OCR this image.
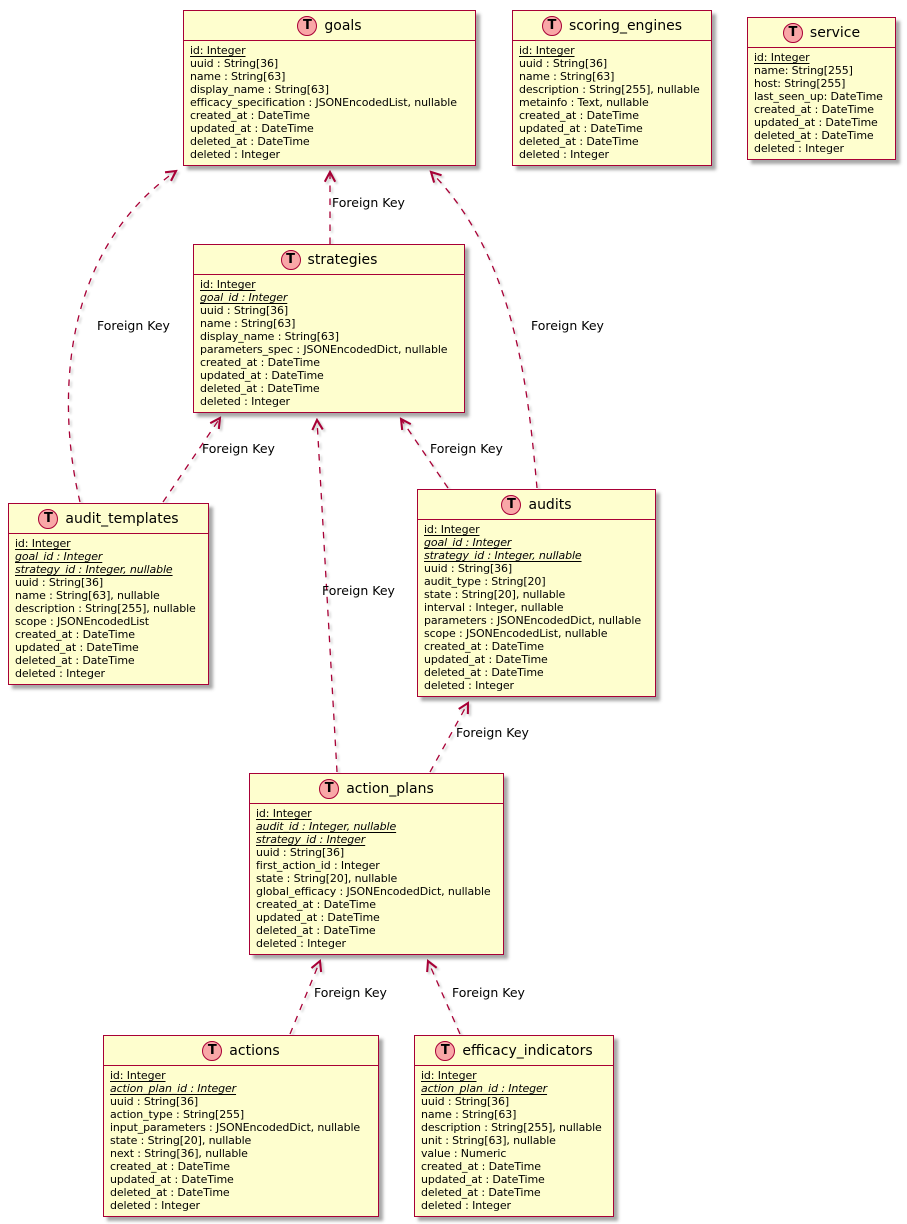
T goals
id: Integer
uuid : String[36]
name : String[63]
display_name : String[63]
efficacy_specification : JSONEncodedList, nullable
created_at : DateTime
updated_at : DateTime
deleted_at : DateTime
deleted : Integer
T scoring_engines
id: Integer
uuid : String[36]
name : String[63]
description : String[255], nullable
metainfo : Text, nullable
created_at : DateTime
updated_at : DateTime
deleted_at : DateTime
deleted : Integer
T service
id: Integer
name: String[255]
host: String[255]
last_seen_up: DateTime
created_at : DateTime
updated_at : DateTime
deleted_at : DateTime
deleted : Integer
T strategies
id: Integer
goal_id : Integer
uuid : String[36]
name : String[63]
display_name : String[63]
parameters_spec : JSONEncodedDict, nullable
created_at : DateTime
updated_at : DateTime
deleted_at : DateTime
deleted : Integer
T audit_templates
id: Integer
goal_id : Integer
strategy_id : Integer, nullable
uuid : String[36]
name : String[63], nullable
description : String[255], nullable
scope : JSONEncodedList
created_at : DateTime
updated_at : DateTime
deleted_at : DateTime
deleted : Integer
T audits
id: Integer
goal_id : Integer
strategy_id : Integer, nullable
uuid : String[36]
audit_type : String[20]
state : String[20], nullable
interval : Integer, nullable
parameters : JSONEncodedDict, nullable
scope : JSONEncodedList, nullable
created_at : DateTime
updated_at : DateTime
deleted_at : DateTime
deleted : Integer
T action_plans
id: Integer
audit_id : Integer, nullable
strategy_id : Integer
uuid : String[36]
first_action_id : Integer
state : String[20], nullable
global_efficacy : JSONEncodedDict, nullable
created_at : DateTime
updated_at : DateTime
deleted_at : DateTime
deleted : Integer
T actions
id: Integer
action_plan_id : Integer
uuid : String[36]
action_type : String[255]
input_parameters : JSONEncodedDict, nullable
state : String[20], nullable
next : String[36], nullable
created_at : DateTime
updated_at : DateTime
deleted_at : DateTime
deleted : Integer
T efficacy_indicators
id: Integer
action_plan_id : Integer
uuid : String[36]
name : String[63]
description : String[255], nullable
unit : String[63], nullable
value : Numeric
created_at : DateTime
updated_at : DateTime
deleted_at : DateTime
deleted : Integer
Foreign Key
Foreign Key	Foreign Key
Foreign Key	Foreign Key
Foreign Key
Foreign Key
Foreign Key	Foreign Key
